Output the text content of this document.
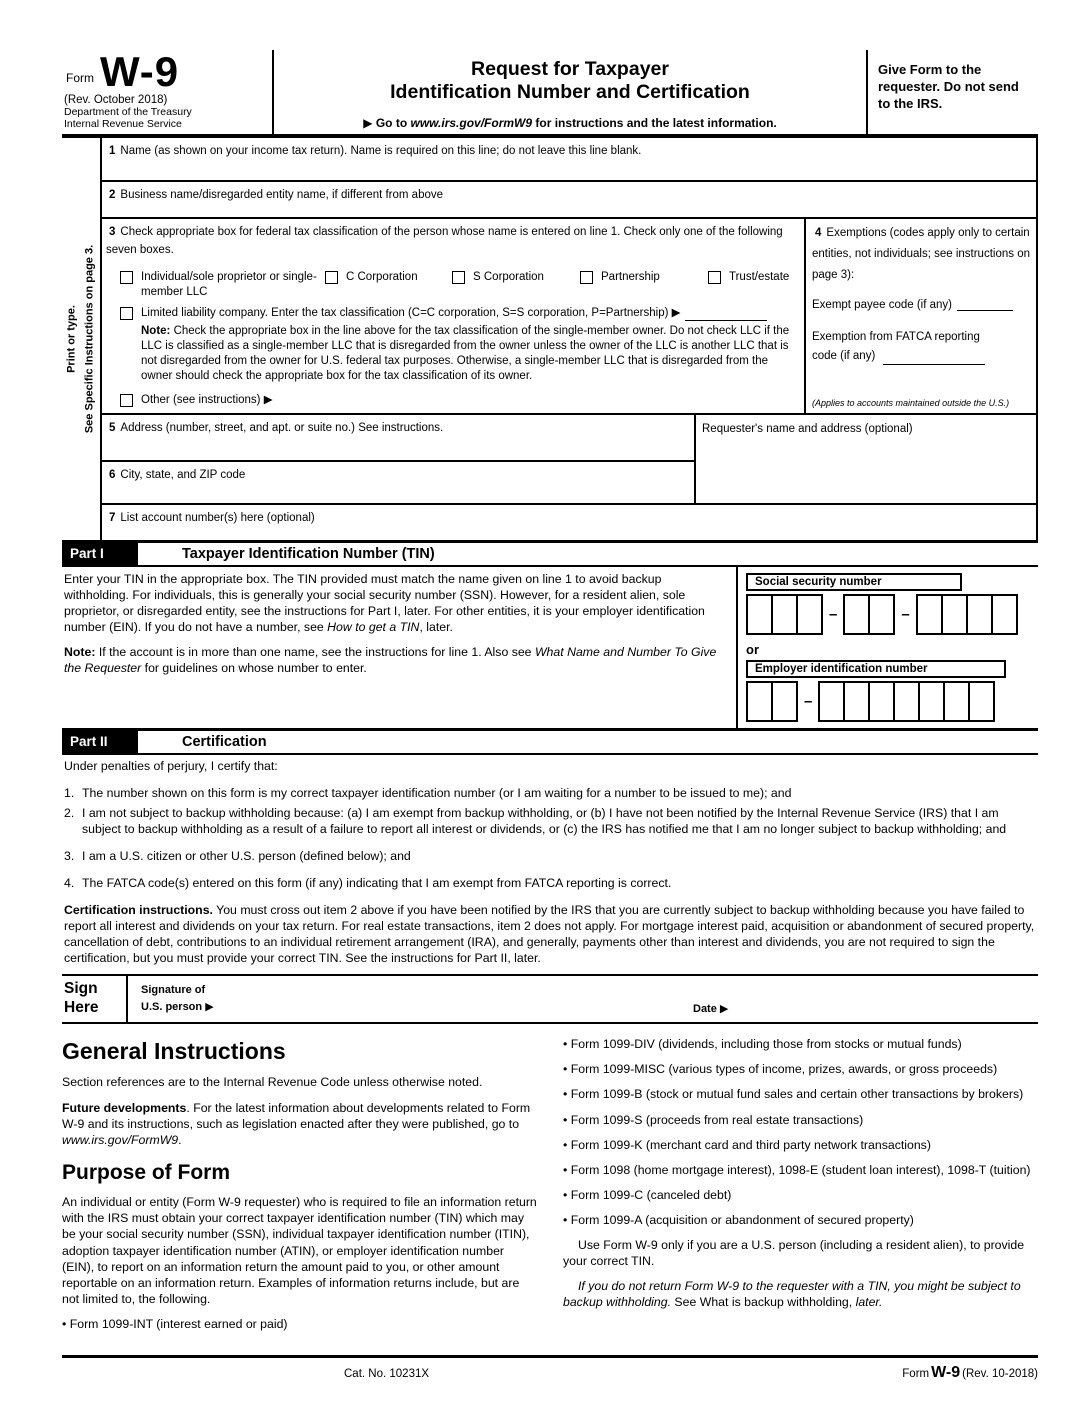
Form W-9
(Rev. October 2018)
Department of the Treasury
Internal Revenue Service
Request for Taxpayer
Identification Number and Certification
▶ Go to www.irs.gov/FormW9 for instructions and the latest information.
Give Form to the requester. Do not send to the IRS.
Print or type.
See Specific Instructions on page 3.
1 Name (as shown on your income tax return). Name is required on this line; do not leave this line blank.
2 Business name/disregarded entity name, if different from above
3 Check appropriate box for federal tax classification of the person whose name is entered on line 1. Check only one of the following seven boxes.
Individual/sole proprietor or single-member LLC
C Corporation	S Corporation	Partnership	Trust/estate
Limited liability company. Enter the tax classification (C=C corporation, S=S corporation, P=Partnership) ▶
Note: Check the appropriate box in the line above for the tax classification of the single-member owner. Do not check LLC if the LLC is classified as a single-member LLC that is disregarded from the owner unless the owner of the LLC is another LLC that is not disregarded from the owner for U.S. federal tax purposes. Otherwise, a single-member LLC that is disregarded from the owner should check the appropriate box for the tax classification of its owner.
Other (see instructions) ▶
4 Exemptions (codes apply only to certain entities, not individuals; see instructions on page 3):
Exempt payee code (if any)
Exemption from FATCA reporting
code (if any)
(Applies to accounts maintained outside the U.S.)
5 Address (number, street, and apt. or suite no.) See instructions.
6 City, state, and ZIP code
Requester's name and address (optional)
7 List account number(s) here (optional)
Part I	Taxpayer Identification Number (TIN)

Enter your TIN in the appropriate box. The TIN provided must match the name given on line 1 to avoid backup withholding. For individuals, this is generally your social security number (SSN). However, for a resident alien, sole proprietor, or disregarded entity, see the instructions for Part I, later. For other entities, it is your employer identification number (EIN). If you do not have a number, see How to get a TIN, later.

Note: If the account is in more than one name, see the instructions for line 1. Also see What Name and Number To Give the Requester for guidelines on whose number to enter.

Social security number
–	–
or
Employer identification number
–
Part II	Certification

Under penalties of perjury, I certify that:

1. The number shown on this form is my correct taxpayer identification number (or I am waiting for a number to be issued to me); and
2. I am not subject to backup withholding because: (a) I am exempt from backup withholding, or (b) I have not been notified by the Internal Revenue Service (IRS) that I am subject to backup withholding as a result of a failure to report all interest or dividends, or (c) the IRS has notified me that I am no longer subject to backup withholding; and
3. I am a U.S. citizen or other U.S. person (defined below); and
4. The FATCA code(s) entered on this form (if any) indicating that I am exempt from FATCA reporting is correct.

Certification instructions. You must cross out item 2 above if you have been notified by the IRS that you are currently subject to backup withholding because you have failed to report all interest and dividends on your tax return. For real estate transactions, item 2 does not apply. For mortgage interest paid, acquisition or abandonment of secured property, cancellation of debt, contributions to an individual retirement arrangement (IRA), and generally, payments other than interest and dividends, you are not required to sign the certification, but you must provide your correct TIN. See the instructions for Part II, later.

Sign
Here
Signature of
U.S. person ▶	Date ▶
General Instructions

Section references are to the Internal Revenue Code unless otherwise noted.

Future developments. For the latest information about developments related to Form W-9 and its instructions, such as legislation enacted after they were published, go to www.irs.gov/FormW9.

Purpose of Form

An individual or entity (Form W-9 requester) who is required to file an information return with the IRS must obtain your correct taxpayer identification number (TIN) which may be your social security number (SSN), individual taxpayer identification number (ITIN), adoption taxpayer identification number (ATIN), or employer identification number (EIN), to report on an information return the amount paid to you, or other amount reportable on an information return. Examples of information returns include, but are not limited to, the following.

• Form 1099-INT (interest earned or paid)

• Form 1099-DIV (dividends, including those from stocks or mutual funds)

• Form 1099-MISC (various types of income, prizes, awards, or gross proceeds)

• Form 1099-B (stock or mutual fund sales and certain other transactions by brokers)

• Form 1099-S (proceeds from real estate transactions)

• Form 1099-K (merchant card and third party network transactions)

• Form 1098 (home mortgage interest), 1098-E (student loan interest), 1098-T (tuition)

• Form 1099-C (canceled debt)

• Form 1099-A (acquisition or abandonment of secured property)

Use Form W-9 only if you are a U.S. person (including a resident alien), to provide your correct TIN.

If you do not return Form W-9 to the requester with a TIN, you might be subject to backup withholding. See What is backup withholding, later.

Cat. No. 10231X	Form W-9 (Rev. 10-2018)
